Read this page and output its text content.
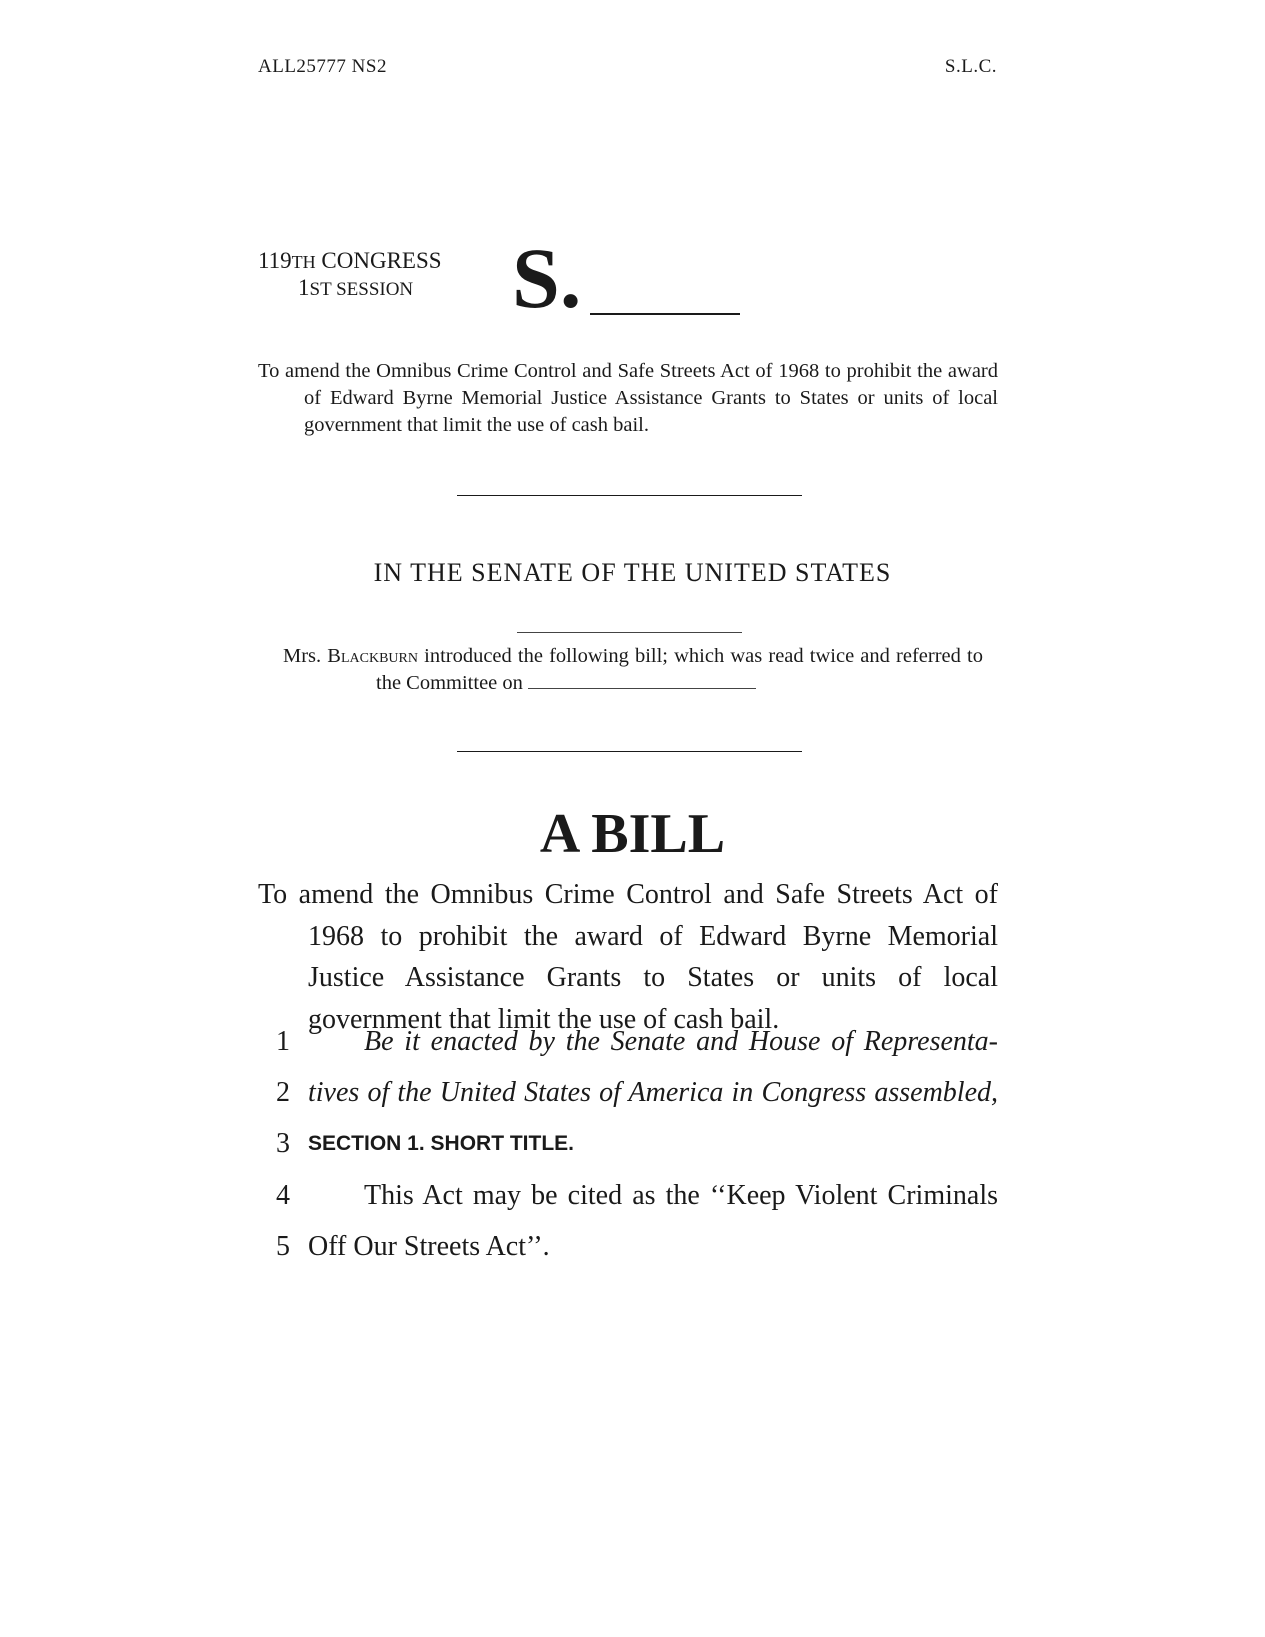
ALL25777 NS2	S.L.C.
119TH CONGRESS
1ST SESSION	S.
To amend the Omnibus Crime Control and Safe Streets Act of 1968 to prohibit the award of Edward Byrne Memorial Justice Assistance Grants to States or units of local government that limit the use of cash bail.
IN THE SENATE OF THE UNITED STATES
Mrs. Blackburn introduced the following bill; which was read twice and referred to the Committee on
A BILL
To amend the Omnibus Crime Control and Safe Streets Act of 1968 to prohibit the award of Edward Byrne Memorial Justice Assistance Grants to States or units of local government that limit the use of cash bail.
1	Be it enacted by the Senate and House of Representa-
2 tives of the United States of America in Congress assembled,
3 SECTION 1. SHORT TITLE.
4	This Act may be cited as the ‘‘Keep Violent Criminals
5 Off Our Streets Act’’.
